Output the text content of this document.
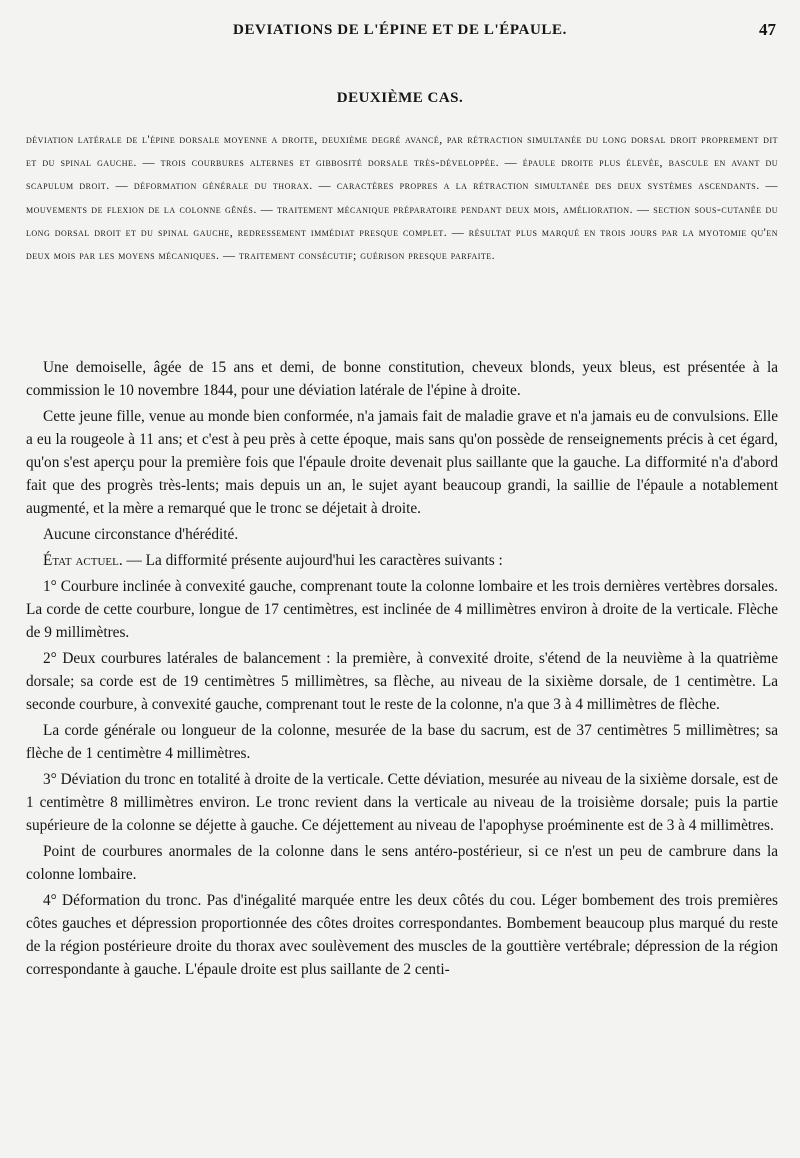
DEVIATIONS DE L'ÉPINE ET DE L'ÉPAULE.	47
DEUXIÈME CAS.

déviation latérale de l'épine dorsale moyenne a droite, deuxième degré avancé, par rétraction simultanée du long dorsal droit proprement dit et du spinal gauche. — trois courbures alternes et gibbosité dorsale très-développée. — épaule droite plus élevée, bascule en avant du scapulum droit. — déformation générale du thorax. — caractères propres a la rétraction simultanée des deux systèmes ascendants. — mouvements de flexion de la colonne gênés. — traitement mécanique préparatoire pendant deux mois, amélioration. — section sous-cutanée du long dorsal droit et du spinal gauche, redressement immédiat presque complet. — résultat plus marqué en trois jours par la myotomie qu'en deux mois par les moyens mécaniques. — traitement consécutif; guérison presque parfaite.

Une demoiselle, âgée de 15 ans et demi, de bonne constitution, cheveux blonds, yeux bleus, est présentée à la commission le 10 novembre 1844, pour une déviation latérale de l'épine à droite.

Cette jeune fille, venue au monde bien conformée, n'a jamais fait de maladie grave et n'a jamais eu de convulsions. Elle a eu la rougeole à 11 ans; et c'est à peu près à cette époque, mais sans qu'on possède de renseignements précis à cet égard, qu'on s'est aperçu pour la première fois que l'épaule droite devenait plus saillante que la gauche. La difformité n'a d'abord fait que des progrès très-lents; mais depuis un an, le sujet ayant beaucoup grandi, la saillie de l'épaule a notablement augmenté, et la mère a remarqué que le tronc se déjetait à droite.

Aucune circonstance d'hérédité.

État actuel. — La difformité présente aujourd'hui les caractères suivants :

1° Courbure inclinée à convexité gauche, comprenant toute la colonne lombaire et les trois dernières vertèbres dorsales. La corde de cette courbure, longue de 17 centimètres, est inclinée de 4 millimètres environ à droite de la verticale. Flèche de 9 millimètres.

2° Deux courbures latérales de balancement : la première, à convexité droite, s'étend de la neuvième à la quatrième dorsale; sa corde est de 19 centimètres 5 millimètres, sa flèche, au niveau de la sixième dorsale, de 1 centimètre. La seconde courbure, à convexité gauche, comprenant tout le reste de la colonne, n'a que 3 à 4 millimètres de flèche.

La corde générale ou longueur de la colonne, mesurée de la base du sacrum, est de 37 centimètres 5 millimètres; sa flèche de 1 centimètre 4 millimètres.

3° Déviation du tronc en totalité à droite de la verticale. Cette déviation, mesurée au niveau de la sixième dorsale, est de 1 centimètre 8 millimètres environ. Le tronc revient dans la verticale au niveau de la troisième dorsale; puis la partie supérieure de la colonne se déjette à gauche. Ce déjettement au niveau de l'apophyse proéminente est de 3 à 4 millimètres.

Point de courbures anormales de la colonne dans le sens antéro-postérieur, si ce n'est un peu de cambrure dans la colonne lombaire.

4° Déformation du tronc. Pas d'inégalité marquée entre les deux côtés du cou. Léger bombement des trois premières côtes gauches et dépression proportionnée des côtes droites correspondantes. Bombement beaucoup plus marqué du reste de la région postérieure droite du thorax avec soulèvement des muscles de la gouttière vertébrale; dépression de la région correspondante à gauche. L'épaule droite est plus saillante de 2 centi-
